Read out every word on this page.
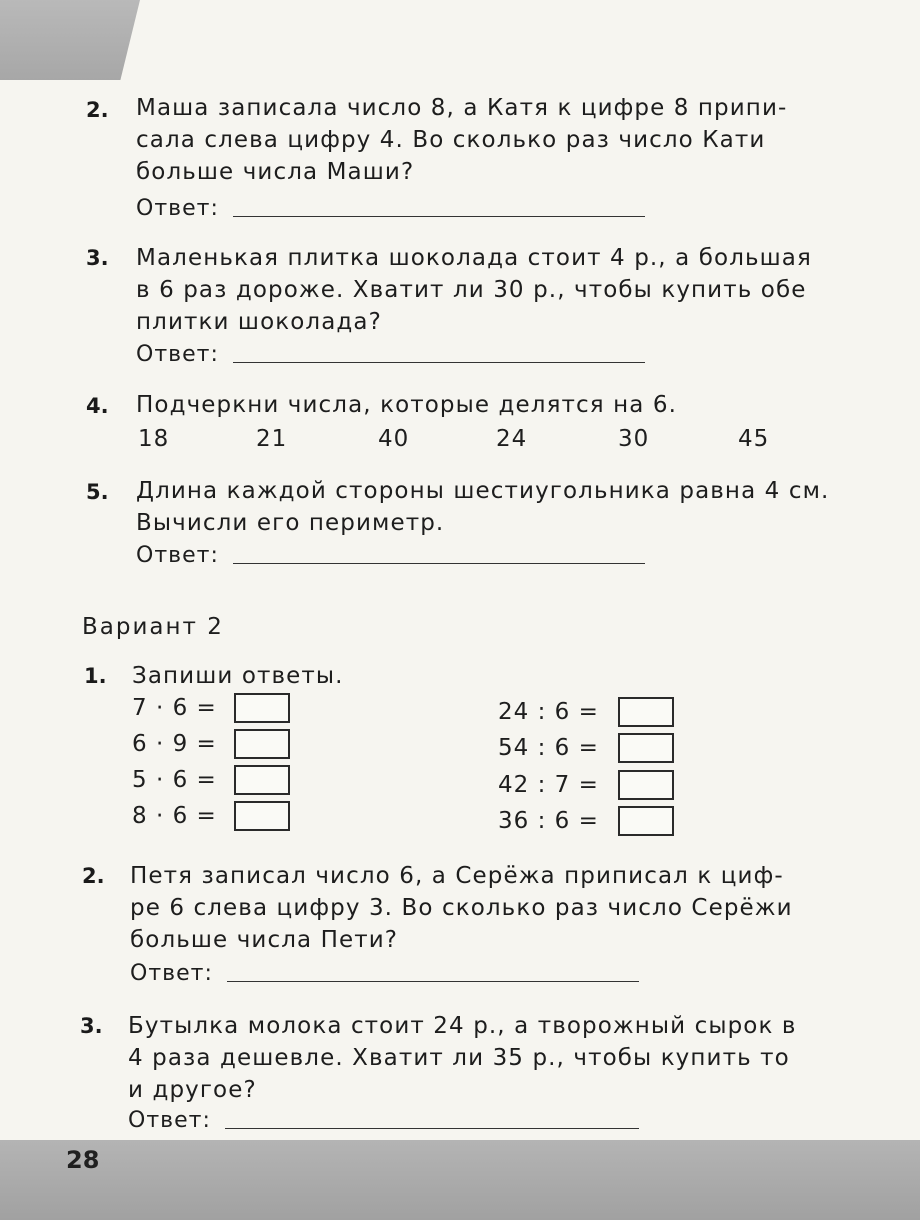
28
2. Маша записала число 8, а Катя к цифре 8 припи-
сала слева цифру 4. Во сколько раз число Кати
больше числа Маши?
Ответ:
3. Маленькая плитка шоколада стоит 4 р., а большая
в 6 раз дороже. Хватит ли 30 р., чтобы купить обе
плитки шоколада?
Ответ:
4. Подчеркни числа, которые делятся на 6.
18	21	40	24	30	45
5. Длина каждой стороны шестиугольника равна 4 см.
Вычисли его периметр.
Ответ:
Вариант 2
1. Запиши ответы.
7 · 6 =
6 · 9 =
5 · 6 =
8 · 6 =
24 : 6 =
54 : 6 =
42 : 7 =
36 : 6 =
2. Петя записал число 6, а Серёжа приписал к циф-
ре 6 слева цифру 3. Во сколько раз число Серёжи
больше числа Пети?
Ответ:
3. Бутылка молока стоит 24 р., а творожный сырок в
4 раза дешевле. Хватит ли 35 р., чтобы купить то
и другое?
Ответ:
